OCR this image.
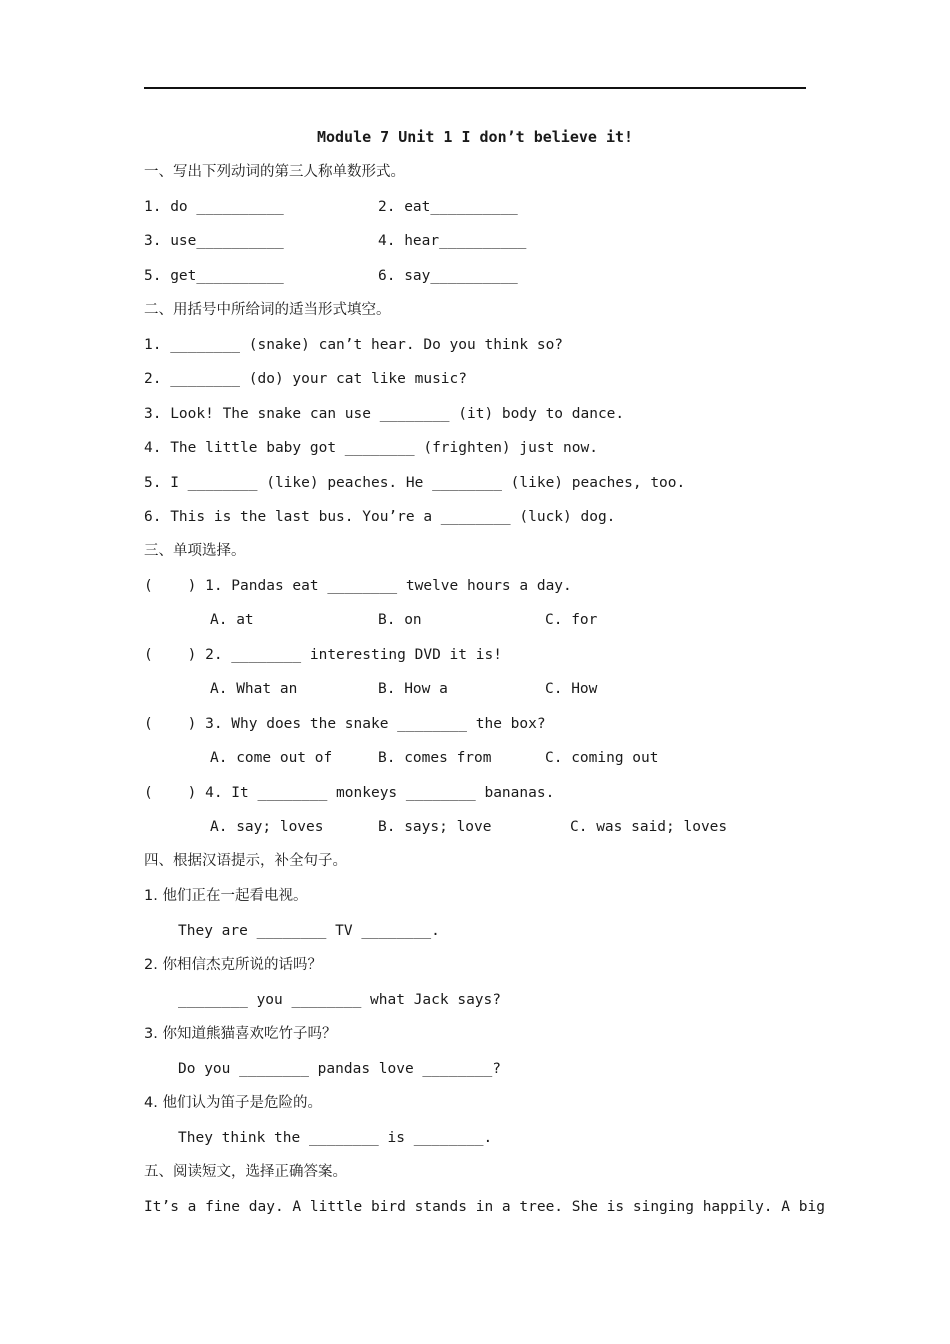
Module 7 Unit 1 I don’t believe it!
一、写出下列动词的第三人称单数形式。
1. do __________	2. eat__________
3. use__________	4. hear__________
5. get__________	6. say__________
二、用括号中所给词的适当形式填空。
1. ________ (snake) can’t hear. Do you think so?
2. ________ (do) your cat like music?
3. Look! The snake can use ________ (it) body to dance.
4. The little baby got ________ (frighten) just now.
5. I ________ (like) peaches. He ________ (like) peaches, too.
6. This is the last bus. You’re a ________ (luck) dog.
三、单项选择。
(    ) 1. Pandas eat ________ twelve hours a day.
A. at	B. on	C. for
(    ) 2. ________ interesting DVD it is!
A. What an	B. How a	C. How
(    ) 3. Why does the snake ________ the box?
A. come out of	B. comes from	C. coming out
(    ) 4. It ________ monkeys ________ bananas.
A. say; loves	B. says; love	C. was said; loves
四、根据汉语提示，补全句子。
1. 他们正在一起看电视。
They are ________ TV ________.
2. 你相信杰克所说的话吗？
________ you ________ what Jack says?
3. 你知道熊猫喜欢吃竹子吗？
Do you ________ pandas love ________?
4. 他们认为笛子是危险的。
They think the ________ is ________.
五、阅读短文，选择正确答案。
It’s a fine day. A little bird stands in a tree. She is singing happily. A big
